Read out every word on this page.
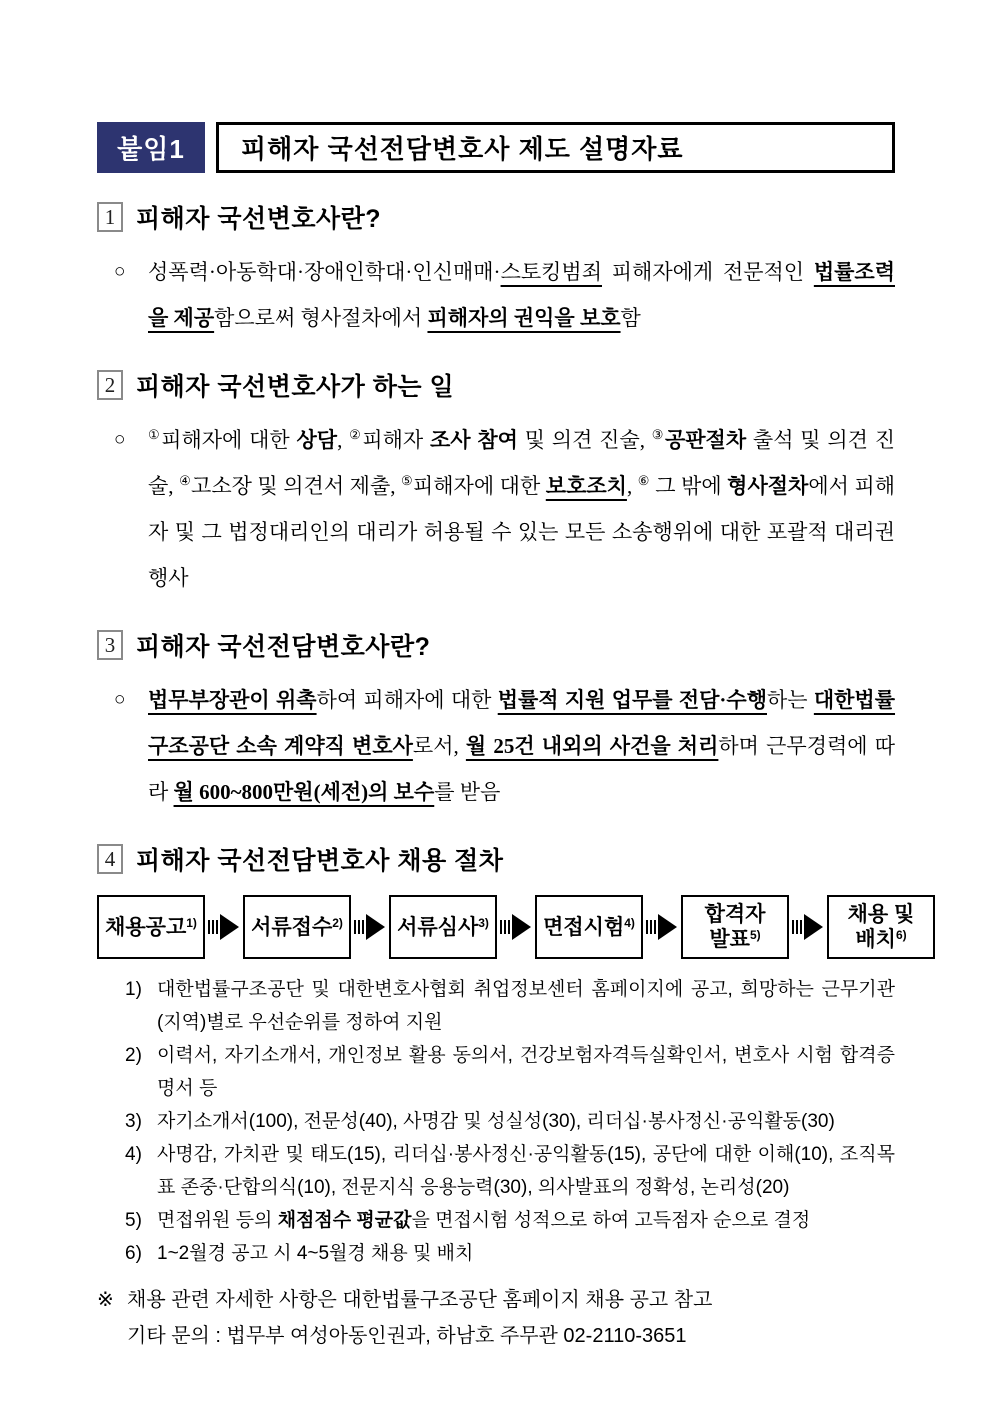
붙임1	피해자 국선전담변호사 제도 설명자료
1 피해자 국선변호사란?
○	성폭력·아동학대·장애인학대·인신매매·스토킹범죄 피해자에게 전문적인 법률조력을 제공함으로써 형사절차에서 피해자의 권익을 보호함
2 피해자 국선변호사가 하는 일
○	①피해자에 대한 상담, ②피해자 조사 참여 및 의견 진술, ③공판절차 출석 및 의견 진술, ④고소장 및 의견서 제출, ⑤피해자에 대한 보호조치, ⑥ 그 밖에 형사절차에서 피해자 및 그 법정대리인의 대리가 허용될 수 있는 모든 소송행위에 대한 포괄적 대리권 행사
3 피해자 국선전담변호사란?
○	법무부장관이 위촉하여 피해자에 대한 법률적 지원 업무를 전담·수행하는 대한법률구조공단 소속 계약직 변호사로서, 월 25건 내외의 사건을 처리하며 근무경력에 따라 월 600~800만원(세전)의 보수를 받음
4 피해자 국선전담변호사 채용 절차
채용공고$^{1)}$	서류접수$^{2)}$	서류심사$^{3)}$	면접시험$^{4)}$	합격자
발표$^{5)}$
채용 및
배치$^{6)}$
1) 대한법률구조공단 및 대한변호사협회 취업정보센터 홈페이지에 공고, 희망하는 근무기관(지역)별로 우선순위를 정하여 지원
2) 이력서, 자기소개서, 개인정보 활용 동의서, 건강보험자격득실확인서, 변호사 시험 합격증명서 등
3) 자기소개서(100), 전문성(40), 사명감 및 성실성(30), 리더십·봉사정신·공익활동(30)
4) 사명감, 가치관 및 태도(15), 리더십·봉사정신·공익활동(15), 공단에 대한 이해(10), 조직목표 존중·단합의식(10), 전문지식 응용능력(30), 의사발표의 정확성, 논리성(20)
5) 면접위원 등의 채점점수 평균값을 면접시험 성적으로 하여 고득점자 순으로 결정
6) 1~2월경 공고 시 4~5월경 채용 및 배치
※ 채용 관련 자세한 사항은 대한법률구조공단 홈페이지 채용 공고 참고
기타 문의 : 법무부 여성아동인권과, 하남호 주무관 02-2110-3651
